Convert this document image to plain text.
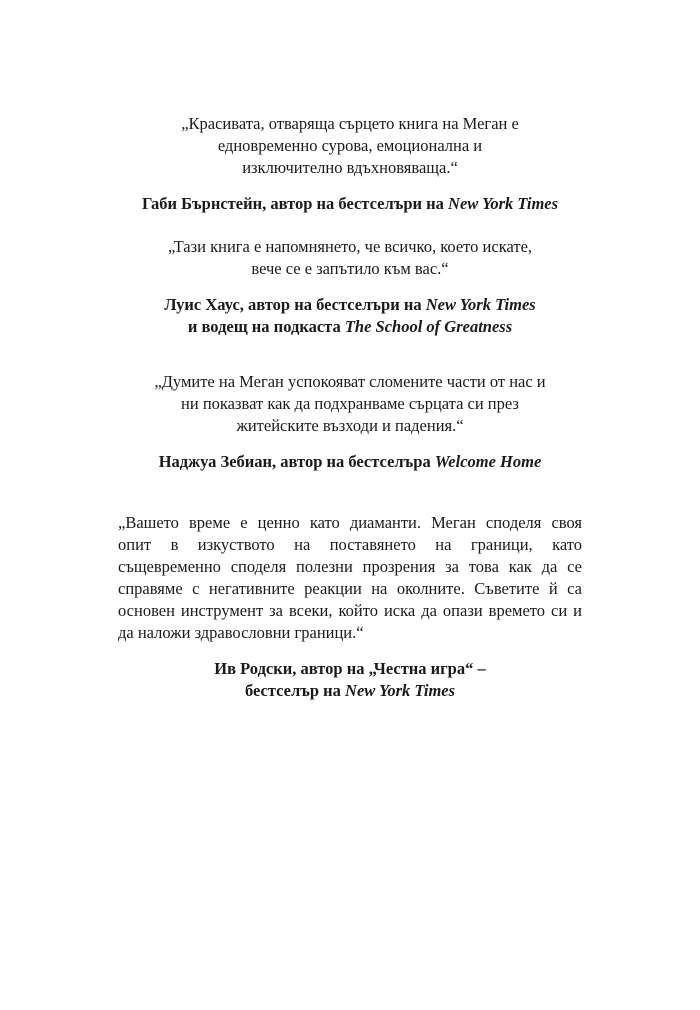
„Красивата, отваряща сърцето книга на Меган е
едновременно сурова, емоционална и
изключително вдъхновяваща.“

Габи Бърнстейн, автор на бестселъри на New York Times

„Тази книга е напомнянето, че всичко, което искате,
вече се е запътило към вас.“

Луис Хаус, автор на бестселъри на New York Times
и водещ на подкаста The School of Greatness

„Думите на Меган успокояват сломените части от нас и
ни показват как да подхранваме сърцата си през
житейските възходи и падения.“

Наджуа Зебиан, автор на бестселъра Welcome Home

„Вашето време е ценно като диаманти. Меган споделя своя
опит в изкуството на поставянето на граници, като
същевременно споделя полезни прозрения за това как да се
справяме с негативните реакции на околните. Съветите й са
основен инструмент за всеки, който иска да опази времето си и
да наложи здравословни граници.“

Ив Родски, автор на „Честна игра“ –
бестселър на New York Times
